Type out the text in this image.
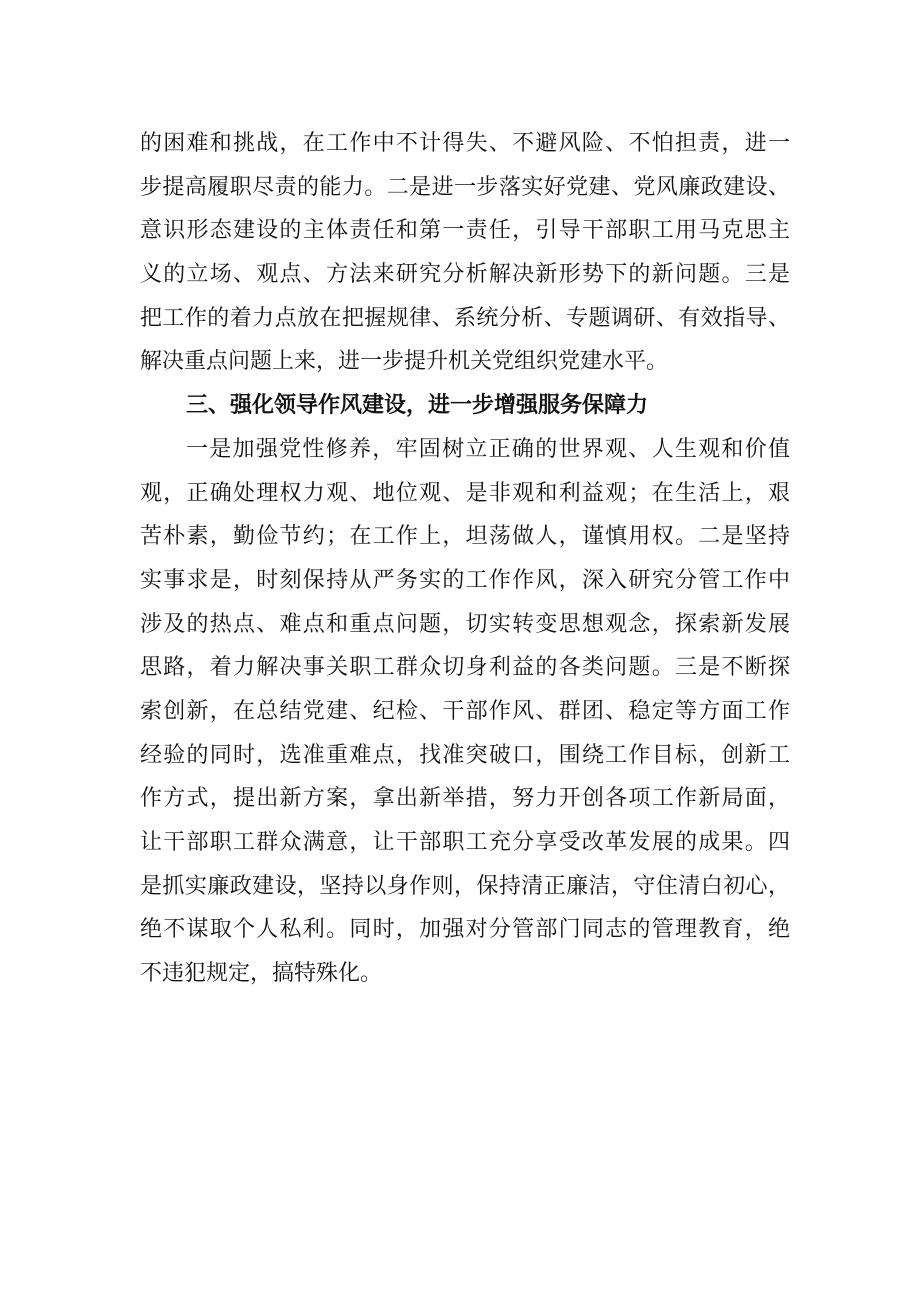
的困难和挑战，在工作中不计得失、不避风险、不怕担责，进一
步提高履职尽责的能力。二是进一步落实好党建、党风廉政建设、
意识形态建设的主体责任和第一责任，引导干部职工用马克思主
义的立场、观点、方法来研究分析解决新形势下的新问题。三是
把工作的着力点放在把握规律、系统分析、专题调研、有效指导、
解决重点问题上来，进一步提升机关党组织党建水平。
三、强化领导作风建设，进一步增强服务保障力
一是加强党性修养，牢固树立正确的世界观、人生观和价值
观，正确处理权力观、地位观、是非观和利益观；在生活上，艰
苦朴素，勤俭节约；在工作上，坦荡做人，谨慎用权。二是坚持
实事求是，时刻保持从严务实的工作作风，深入研究分管工作中
涉及的热点、难点和重点问题，切实转变思想观念，探索新发展
思路，着力解决事关职工群众切身利益的各类问题。三是不断探
索创新，在总结党建、纪检、干部作风、群团、稳定等方面工作
经验的同时，选准重难点，找准突破口，围绕工作目标，创新工
作方式，提出新方案，拿出新举措，努力开创各项工作新局面，
让干部职工群众满意，让干部职工充分享受改革发展的成果。四
是抓实廉政建设，坚持以身作则，保持清正廉洁，守住清白初心，
绝不谋取个人私利。同时，加强对分管部门同志的管理教育，绝
不违犯规定，搞特殊化。
